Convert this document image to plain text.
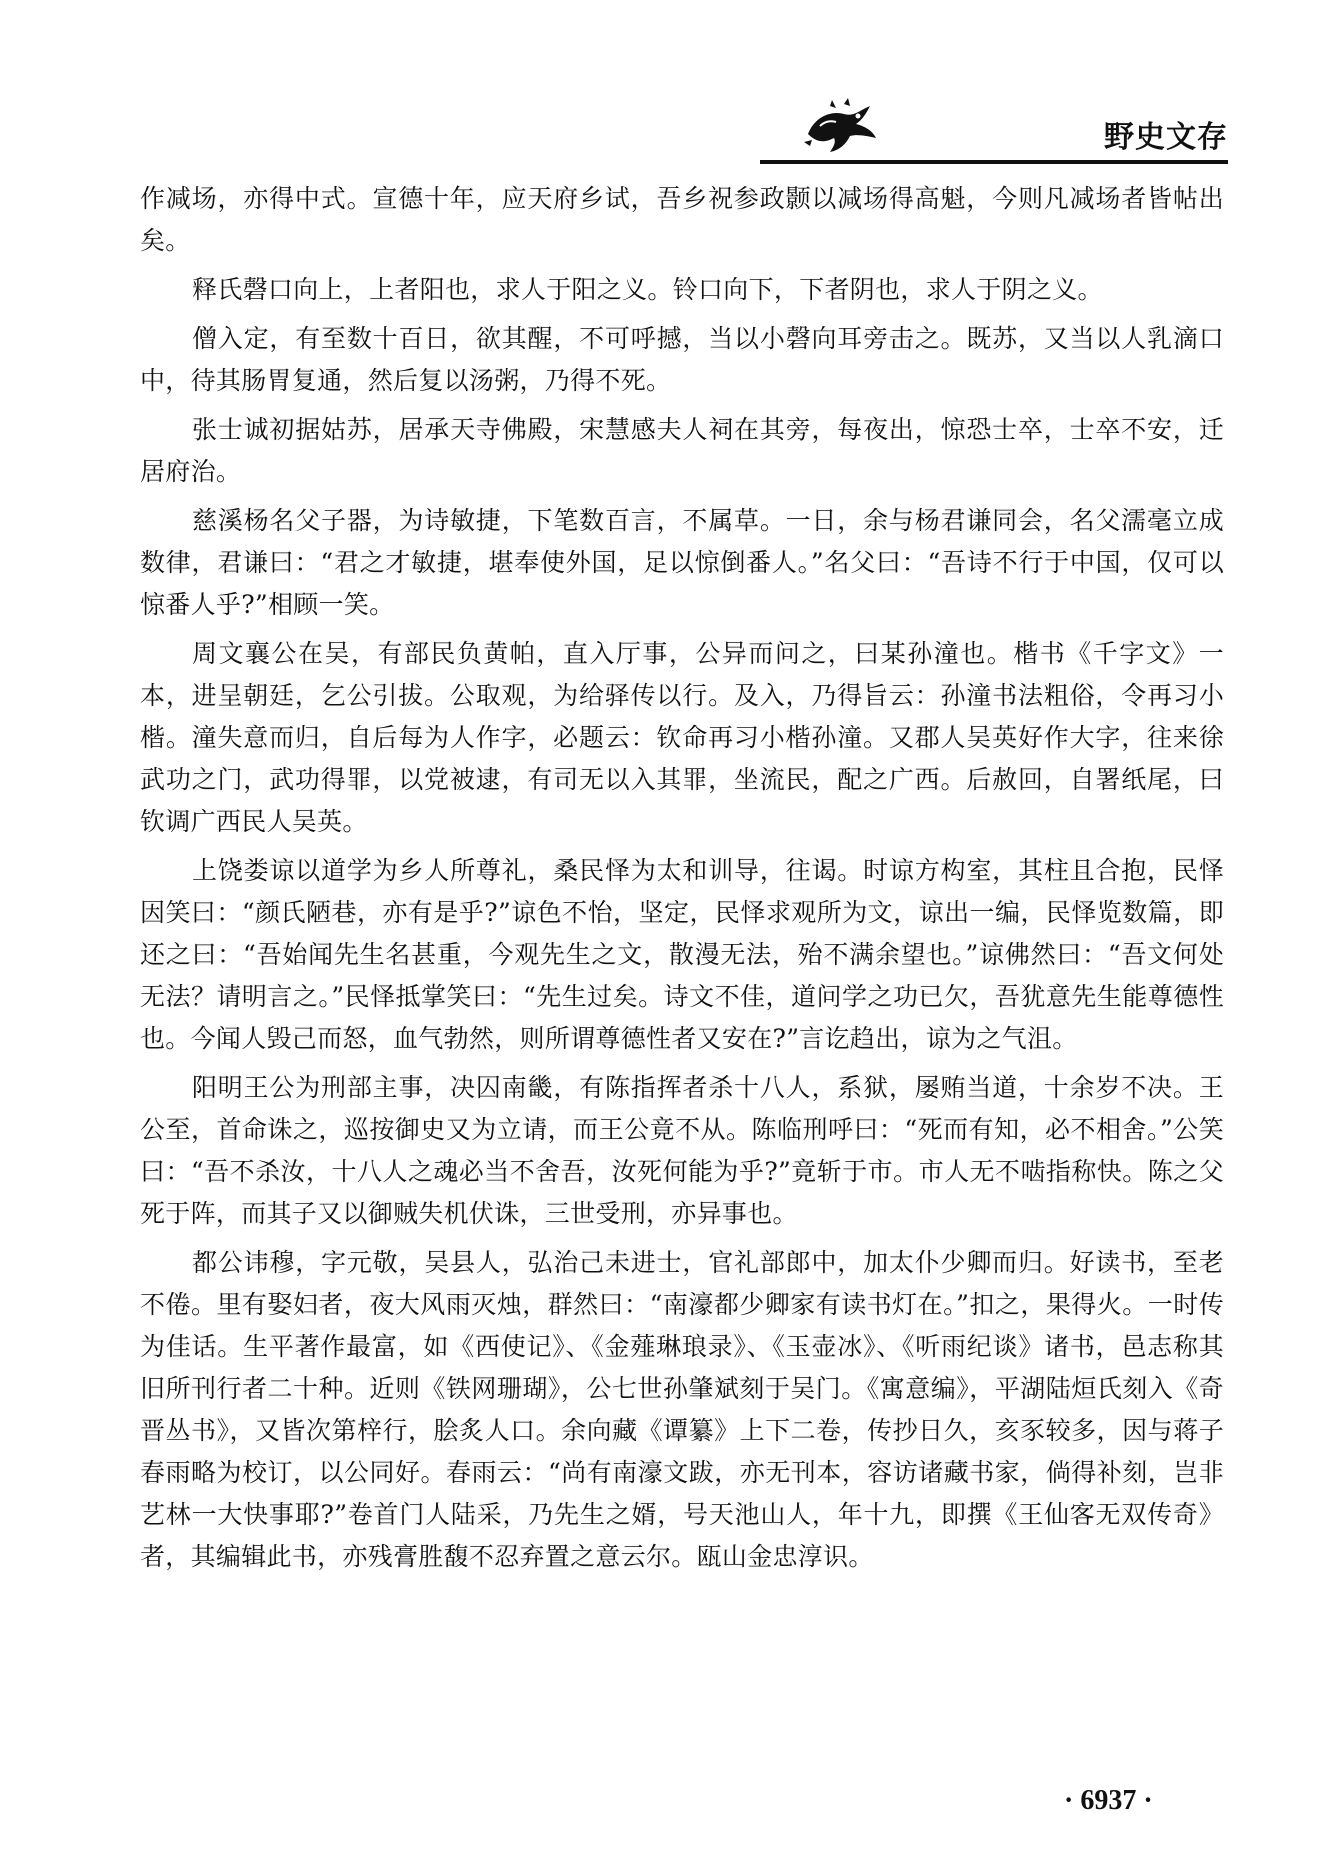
野史文存

作减场，亦得中式。宣德十年，应天府乡试，吾乡祝参政颢以减场得高魁，今则凡减场者皆帖出矣。

释氏磬口向上，上者阳也，求人于阳之义。铃口向下，下者阴也，求人于阴之义。

僧入定，有至数十百日，欲其醒，不可呼撼，当以小磬向耳旁击之。既苏，又当以人乳滴口中，待其肠胃复通，然后复以汤粥，乃得不死。

张士诚初据姑苏，居承天寺佛殿，宋慧感夫人祠在其旁，每夜出，惊恐士卒，士卒不安，迁居府治。

慈溪杨名父子器，为诗敏捷，下笔数百言，不属草。一日，余与杨君谦同会，名父濡毫立成数律，君谦曰：“君之才敏捷，堪奉使外国，足以惊倒番人。”名父曰：“吾诗不行于中国，仅可以惊番人乎?”相顾一笑。

周文襄公在吴，有部民负黄帕，直入厅事，公异而问之，曰某孙潼也。楷书《千字文》一本，进呈朝廷，乞公引拔。公取观，为给驿传以行。及入，乃得旨云：孙潼书法粗俗，令再习小楷。潼失意而归，自后每为人作字，必题云：钦命再习小楷孙潼。又郡人吴英好作大字，往来徐武功之门，武功得罪，以党被逮，有司无以入其罪，坐流民，配之广西。后赦回，自署纸尾，曰钦调广西民人吴英。

上饶娄谅以道学为乡人所尊礼，桑民怿为太和训导，往谒。时谅方构室，其柱且合抱，民怿因笑曰：“颜氏陋巷，亦有是乎?”谅色不怡，坚定，民怿求观所为文，谅出一编，民怿览数篇，即还之曰：“吾始闻先生名甚重，今观先生之文，散漫无法，殆不满余望也。”谅佛然曰：“吾文何处无法？请明言之。”民怿抵掌笑曰：“先生过矣。诗文不佳，道问学之功已欠，吾犹意先生能尊德性也。今闻人毁己而怒，血气勃然，则所谓尊德性者又安在?”言讫趋出，谅为之气沮。

阳明王公为刑部主事，决囚南畿，有陈指挥者杀十八人，系狱，屡贿当道，十余岁不决。王公至，首命诛之，巡按御史又为立请，而王公竟不从。陈临刑呼曰：“死而有知，必不相舍。”公笑曰：“吾不杀汝，十八人之魂必当不舍吾，汝死何能为乎?”竟斩于市。市人无不啮指称快。陈之父死于阵，而其子又以御贼失机伏诛，三世受刑，亦异事也。

都公讳穆，字元敬，吴县人，弘治己未进士，官礼部郎中，加太仆少卿而归。好读书，至老不倦。里有娶妇者，夜大风雨灭烛，群然曰：“南濠都少卿家有读书灯在。”扣之，果得火。一时传为佳话。生平著作最富，如《西使记》、《金薤琳琅录》、《玉壶冰》、《听雨纪谈》诸书，邑志称其旧所刊行者二十种。近则《铁网珊瑚》，公七世孙肇斌刻于吴门。《寓意编》，平湖陆烜氏刻入《奇晋丛书》，又皆次第梓行，脍炙人口。余向藏《谭纂》上下二卷，传抄日久，亥豕较多，因与蒋子春雨略为校订，以公同好。春雨云：“尚有南濠文跋，亦无刊本，容访诸藏书家，倘得补刻，岂非艺林一大快事耶?”卷首门人陆采，乃先生之婿，号天池山人，年十九，即撰《王仙客无双传奇》者，其编辑此书，亦残膏胜馥不忍弃置之意云尔。瓯山金忠淳识。

· 6937 ·
